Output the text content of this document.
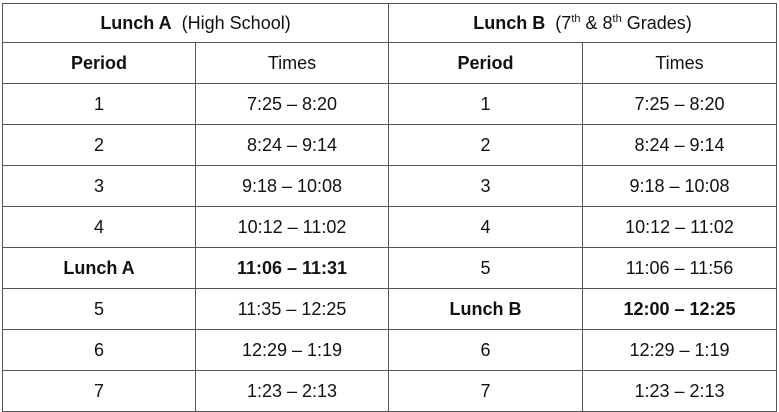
Lunch A (High School)		Lunch B (7th & 8th Grades)	
Period	Times	Period	Times
1	7:25 – 8:20	1	7:25 – 8:20
2	8:24 – 9:14	2	8:24 – 9:14
3	9:18 – 10:08	3	9:18 – 10:08
4	10:12 – 11:02	4	10:12 – 11:02
Lunch A	11:06 – 11:31	5	11:06 – 11:56
5	11:35 – 12:25	Lunch B	12:00 – 12:25
6	12:29 – 1:19	6	12:29 – 1:19
7	1:23 – 2:13	7	1:23 – 2:13
